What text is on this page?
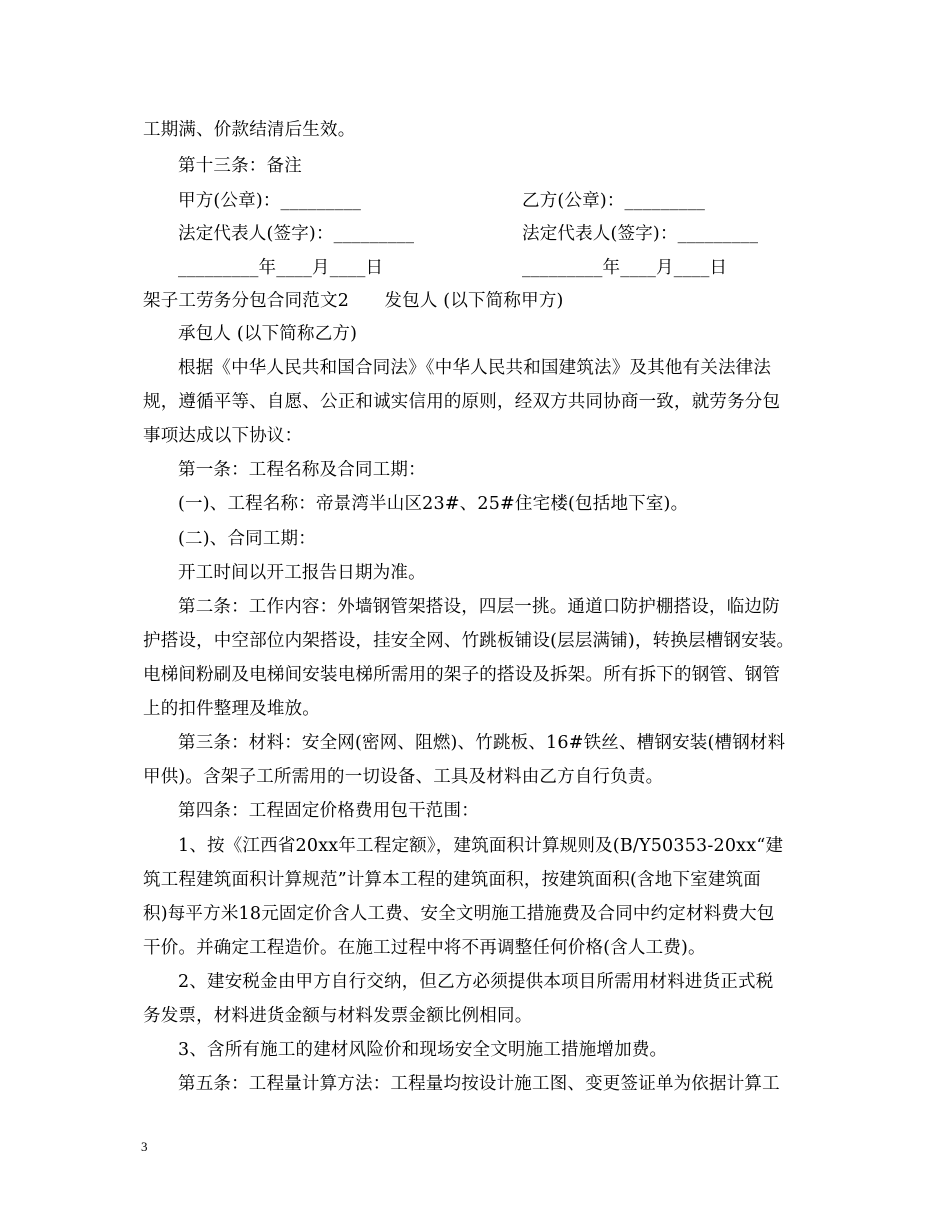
工期满、价款结清后生效。
第十三条：备注
甲方(公章)：_________	乙方(公章)：_________
法定代表人(签字)：_________	法定代表人(签字)：_________
_________年____月____日	_________年____月____日
架子工劳务分包合同范文2　　发包人 (以下简称甲方)
承包人 (以下简称乙方)
根据《中华人民共和国合同法》《中华人民共和国建筑法》及其他有关法律法
规，遵循平等、自愿、公正和诚实信用的原则，经双方共同协商一致，就劳务分包
事项达成以下协议：
第一条：工程名称及合同工期：
(一)、工程名称：帝景湾半山区23#、25#住宅楼(包括地下室)。
(二)、合同工期：
开工时间以开工报告日期为准。
第二条：工作内容：外墙钢管架搭设，四层一挑。通道口防护棚搭设，临边防
护搭设，中空部位内架搭设，挂安全网、竹跳板铺设(层层满铺)，转换层槽钢安装。
电梯间粉刷及电梯间安装电梯所需用的架子的搭设及拆架。所有拆下的钢管、钢管
上的扣件整理及堆放。
第三条：材料：安全网(密网、阻燃)、竹跳板、16#铁丝、槽钢安装(槽钢材料
甲供)。含架子工所需用的一切设备、工具及材料由乙方自行负责。
第四条：工程固定价格费用包干范围：
1、按《江西省20xx年工程定额》，建筑面积计算规则及(B/Y50353-20xx“建
筑工程建筑面积计算规范”计算本工程的建筑面积，按建筑面积(含地下室建筑面
积)每平方米18元固定价含人工费、安全文明施工措施费及合同中约定材料费大包
干价。并确定工程造价。在施工过程中将不再调整任何价格(含人工费)。
2、建安税金由甲方自行交纳，但乙方必须提供本项目所需用材料进货正式税
务发票，材料进货金额与材料发票金额比例相同。
3、含所有施工的建材风险价和现场安全文明施工措施增加费。
第五条：工程量计算方法：工程量均按设计施工图、变更签证单为依据计算工
3
